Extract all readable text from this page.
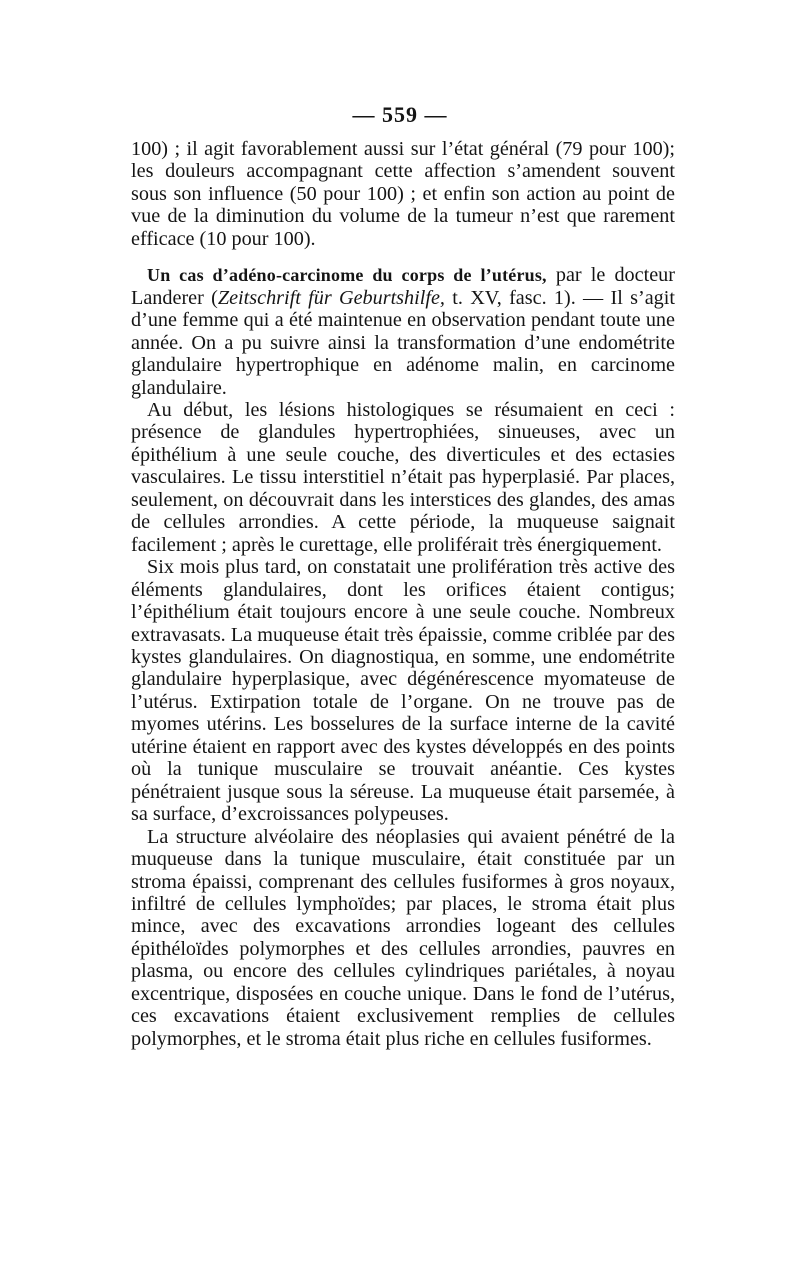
— 559 —

100) ; il agit favorablement aussi sur l’état général (79 pour 100); les douleurs accompagnant cette affection s’amendent souvent sous son influence (50 pour 100) ; et enfin son action au point de vue de la diminution du volume de la tumeur n’est que rarement efficace (10 pour 100).

Un cas d’adéno-carcinome du corps de l’utérus, par le docteur Landerer (Zeitschrift für Geburtshilfe, t. XV, fasc. 1). — Il s’agit d’une femme qui a été maintenue en observation pendant toute une année. On a pu suivre ainsi la transformation d’une endométrite glandulaire hypertrophique en adénome malin, en carcinome glandulaire.

Au début, les lésions histologiques se résumaient en ceci : présence de glandules hypertrophiées, sinueuses, avec un épithélium à une seule couche, des diverticules et des ectasies vasculaires. Le tissu interstitiel n’était pas hyperplasié. Par places, seulement, on découvrait dans les interstices des glandes, des amas de cellules arrondies. A cette période, la muqueuse saignait facilement ; après le curettage, elle proliférait très énergiquement.

Six mois plus tard, on constatait une prolifération très active des éléments glandulaires, dont les orifices étaient contigus; l’épithélium était toujours encore à une seule couche. Nombreux extravasats. La muqueuse était très épaissie, comme criblée par des kystes glandulaires. On diagnostiqua, en somme, une endométrite glandulaire hyperplasique, avec dégénérescence myomateuse de l’utérus. Extirpation totale de l’organe. On ne trouve pas de myomes utérins. Les bosselures de la surface interne de la cavité utérine étaient en rapport avec des kystes développés en des points où la tunique musculaire se trouvait anéantie. Ces kystes pénétraient jusque sous la séreuse. La muqueuse était parsemée, à sa surface, d’excroissances polypeuses.

La structure alvéolaire des néoplasies qui avaient pénétré de la muqueuse dans la tunique musculaire, était constituée par un stroma épaissi, comprenant des cellules fusiformes à gros noyaux, infiltré de cellules lymphoïdes; par places, le stroma était plus mince, avec des excavations arrondies logeant des cellules épithéloïdes polymorphes et des cellules arrondies, pauvres en plasma, ou encore des cellules cylindriques pariétales, à noyau excentrique, disposées en couche unique. Dans le fond de l’utérus, ces excavations étaient exclusivement remplies de cellules polymorphes, et le stroma était plus riche en cellules fusiformes.
